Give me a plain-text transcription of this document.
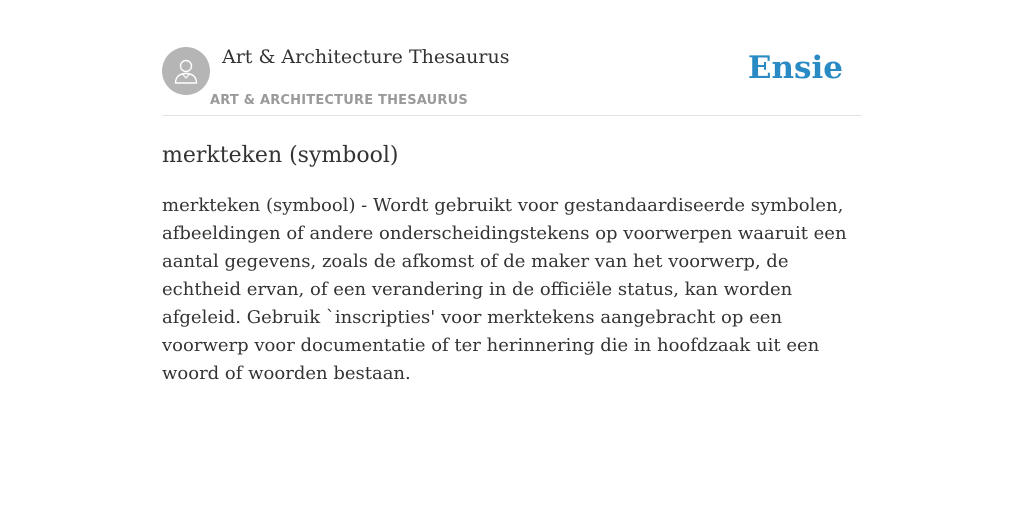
Art & Architecture Thesaurus
ART & ARCHITECTURE THESAURUS
Ensie
merkteken (symbool)

merkteken (symbool) - Wordt gebruikt voor gestandaardiseerde symbolen, afbeeldingen of andere onderscheidingstekens op voorwerpen waaruit een aantal gegevens, zoals de afkomst of de maker van het voorwerp, de echtheid ervan, of een verandering in de officiële status, kan worden afgeleid. Gebruik `inscripties' voor merktekens aangebracht op een voorwerp voor documentatie of ter herinnering die in hoofdzaak uit een woord of woorden bestaan.
